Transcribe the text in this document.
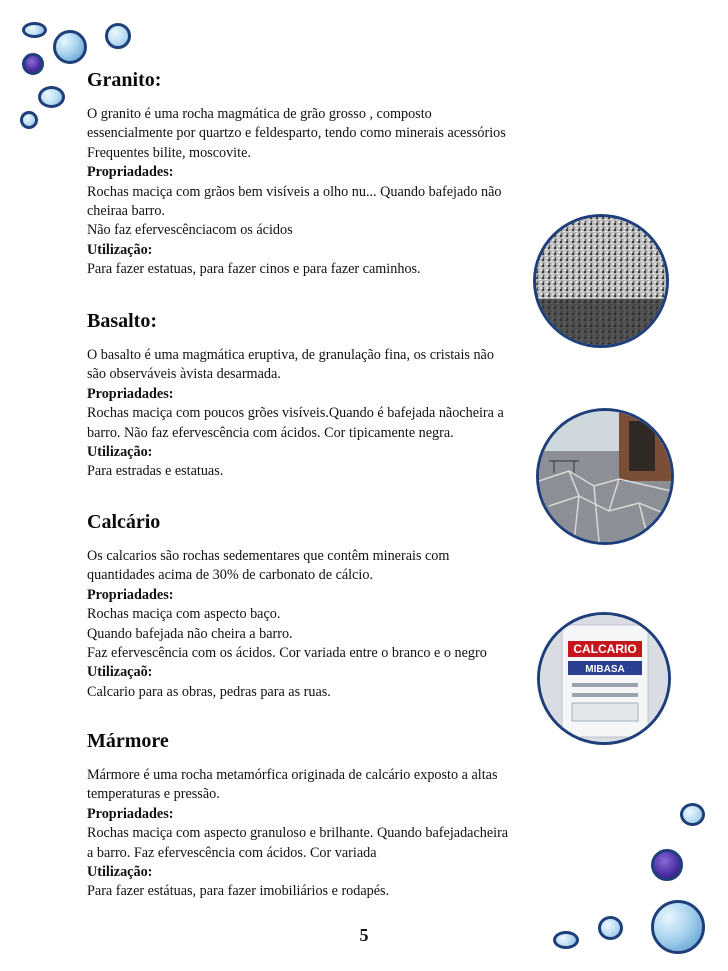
CALCARIO
MIBASA
Granito:

O granito é uma rocha magmática de grão grosso , composto

essencialmente por quartzo e feldesparto, tendo como minerais acessórios

Frequentes bilite, moscovite.

Propriadades:

Rochas maciça com grãos bem visíveis a olho nu... Quando bafejado não

cheiraa barro.

Não faz efervescênciacom os ácidos

Utilização:

Para fazer estatuas, para fazer cinos e para fazer caminhos.

Basalto:

O basalto é uma magmática eruptiva, de granulação fina, os cristais não

são observáveis àvista desarmada.

Propriadades:

Rochas maciça com poucos grões visíveis.Quando é bafejada nãocheira a

barro. Não faz efervescência com ácidos. Cor tipicamente negra.

Utilização:

Para estradas e estatuas.

Calcário

Os calcarios são rochas sedementares que contêm minerais com

quantidades acima de 30% de carbonato de cálcio.

Propriadades:

Rochas maciça com aspecto baço.

Quando bafejada não cheira a barro.

Faz efervescência com os ácidos. Cor variada entre o branco e o negro

Utilizaçaõ:

Calcario para as obras, pedras para as ruas.

Mármore

Mármore é uma rocha metamórfica originada de calcário exposto a altas

temperaturas e pressão.

Propriadades:

Rochas maciça com aspecto granuloso e brilhante. Quando bafejadacheira

a barro. Faz efervescência com ácidos. Cor variada

Utilização:

Para fazer estátuas, para fazer imobiliários e rodapés.

5
